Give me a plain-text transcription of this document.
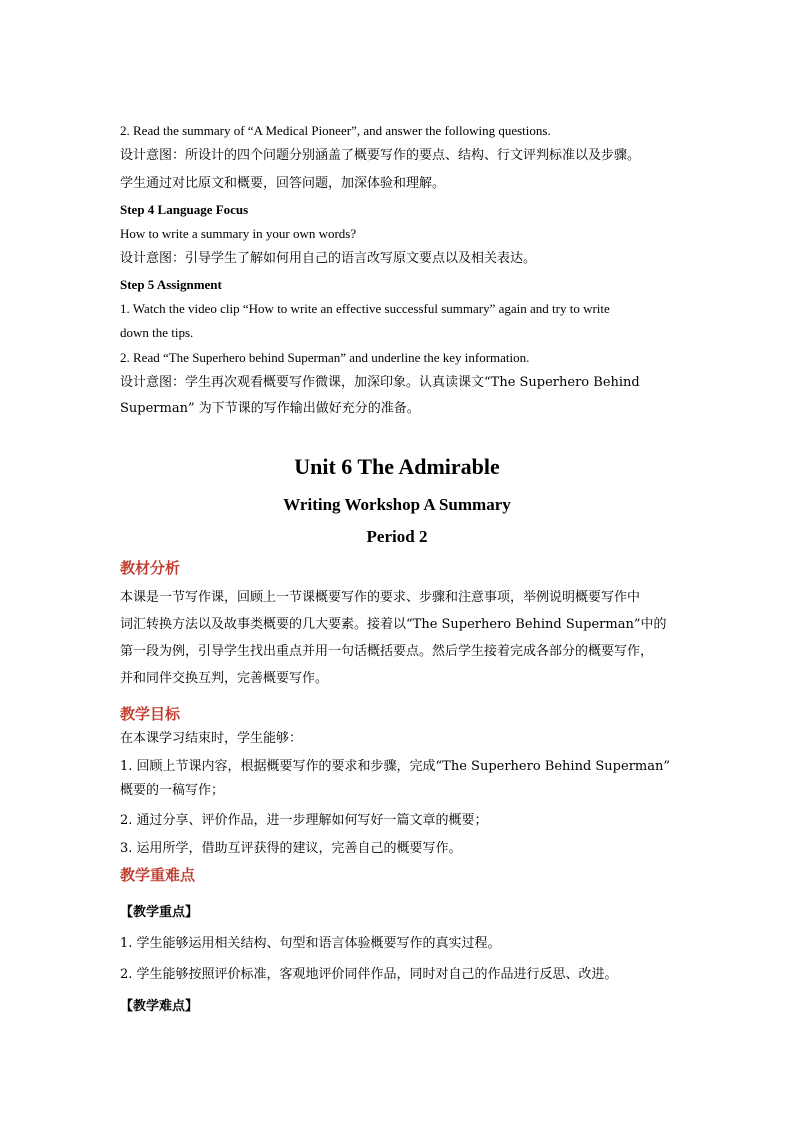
2. Read the summary of “A Medical Pioneer”, and answer the following questions.
设计意图：所设计的四个问题分别涵盖了概要写作的要点、结构、行文评判标准以及步骤。
学生通过对比原文和概要，回答问题，加深体验和理解。
Step 4 Language Focus
How to write a summary in your own words?
设计意图：引导学生了解如何用自己的语言改写原文要点以及相关表达。
Step 5 Assignment
1. Watch the video clip “How to write an effective successful summary” again and try to write
down the tips.
2. Read “The Superhero behind Superman” and underline the key information.
设计意图：学生再次观看概要写作微课，加深印象。认真读课文“The Superhero Behind
Superman” 为下节课的写作输出做好充分的准备。
Unit 6 The Admirable
Writing Workshop A Summary
Period 2
教材分析
本课是一节写作课，回顾上一节课概要写作的要求、步骤和注意事项，举例说明概要写作中
词汇转换方法以及故事类概要的几大要素。接着以“The Superhero Behind Superman”中的
第一段为例，引导学生找出重点并用一句话概括要点。然后学生接着完成各部分的概要写作，
并和同伴交换互判，完善概要写作。
教学目标
在本课学习结束时，学生能够：
1. 回顾上节课内容，根据概要写作的要求和步骤，完成“The Superhero Behind Superman”
概要的一稿写作；
2. 通过分享、评价作品，进一步理解如何写好一篇文章的概要；
3. 运用所学，借助互评获得的建议，完善自己的概要写作。
教学重难点
【教学重点】
1. 学生能够运用相关结构、句型和语言体验概要写作的真实过程。
2. 学生能够按照评价标准，客观地评价同伴作品，同时对自己的作品进行反思、改进。
【教学难点】
